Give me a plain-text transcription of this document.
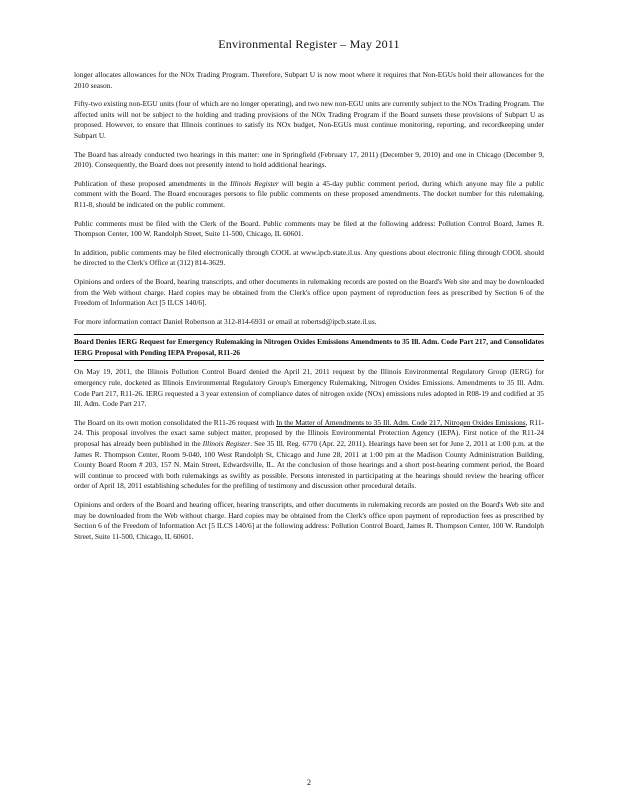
Environmental Register – May 2011

longer allocates allowances for the NOx Trading Program. Therefore, Subpart U is now moot where it requires that Non-EGUs hold their allowances for the 2010 season.

Fifty-two existing non-EGU units (four of which are no longer operating), and two new non-EGU units are currently subject to the NOx Trading Program. The affected units will not be subject to the holding and trading provisions of the NOx Trading Program if the Board sunsets these provisions of Subpart U as proposed. However, to ensure that Illinois continues to satisfy its NOx budget, Non-EGUs must continue monitoring, reporting, and recordkeeping under Subpart U.

The Board has already conducted two hearings in this matter: one in Springfield (February 17, 2011) (December 9, 2010) and one in Chicago (December 9, 2010). Consequently, the Board does not presently intend to hold additional hearings.

Publication of these proposed amendments in the Illinois Register will begin a 45-day public comment period, during which anyone may file a public comment with the Board. The Board encourages persons to file public comments on these proposed amendments. The docket number for this rulemaking, R11-8, should be indicated on the public comment.

Public comments must be filed with the Clerk of the Board. Public comments may be filed at the following address: Pollution Control Board, James R. Thompson Center, 100 W. Randolph Street, Suite 11-500, Chicago, IL 60601.

In addition, public comments may be filed electronically through COOL at www.ipcb.state.il.us. Any questions about electronic filing through COOL should be directed to the Clerk's Office at (312) 814-3629.

Opinions and orders of the Board, hearing transcripts, and other documents in rulemaking records are posted on the Board's Web site and may be downloaded from the Web without charge. Hard copies may be obtained from the Clerk's office upon payment of reproduction fees as prescribed by Section 6 of the Freedom of Information Act [5 ILCS 140/6].

For more information contact Daniel Robertson at 312-814-6931 or email at robertsd@ipcb.state.il.us.

Board Denies IERG Request for Emergency Rulemaking in Nitrogen Oxides Emissions Amendments to 35 Ill. Adm. Code Part 217, and Consolidates IERG Proposal with Pending IEPA Proposal, R11-26

On May 19, 2011, the Illinois Pollution Control Board denied the April 21, 2011 request by the Illinois Environmental Regulatory Group (IERG) for emergency rule, docketed as Illinois Environmental Regulatory Group's Emergency Rulemaking, Nitrogen Oxides Emissions. Amendments to 35 Ill. Adm. Code Part 217, R11-26. IERG requested a 3 year extension of compliance dates of nitrogen oxide (NOx) emissions rules adopted in R08-19 and codified at 35 Ill. Adm. Code Part 217.

The Board on its own motion consolidated the R11-26 request with In the Matter of Amendments to 35 Ill. Adm. Code 217, Nitrogen Oxides Emissions, R11-24. This proposal involves the exact same subject matter, proposed by the Illinois Environmental Protection Agency (IEPA). First notice of the R11-24 proposal has already been published in the Illinois Register. See 35 Ill. Reg. 6770 (Apr. 22, 2011). Hearings have been set for June 2, 2011 at 1:00 p.m. at the James R. Thompson Center, Room 9-040, 100 West Randolph St, Chicago and June 28, 2011 at 1:00 pm at the Madison County Administration Building, County Board Room # 203, 157 N. Main Street, Edwardsville, IL. At the conclusion of those hearings and a short post-hearing comment period, the Board will continue to proceed with both rulemakings as swiftly as possible. Persons interested in participating at the hearings should review the hearing officer order of April 18, 2011 establishing schedules for the prefiling of testimony and discussion other procedural details.

Opinions and orders of the Board and hearing officer, hearing transcripts, and other documents in rulemaking records are posted on the Board's Web site and may be downloaded from the Web without charge. Hard copies may be obtained from the Clerk's office upon payment of reproduction fees as prescribed by Section 6 of the Freedom of Information Act [5 ILCS 140/6] at the following address: Pollution Control Board, James R. Thompson Center, 100 W. Randolph Street, Suite 11-500, Chicago, IL 60601.

2
